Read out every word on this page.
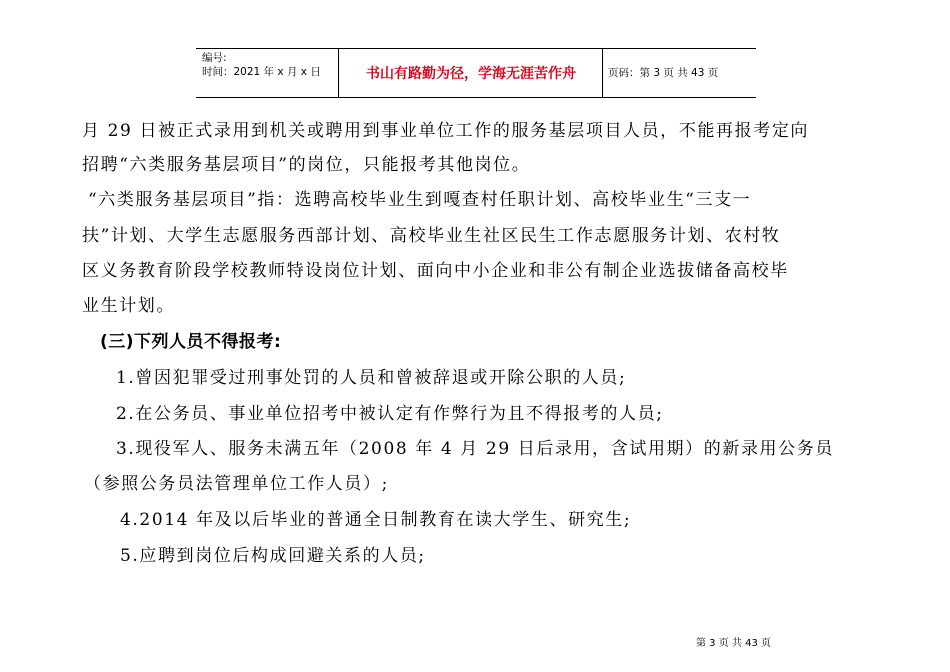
编号:
时间：2021 年 x 月 x 日	书山有路勤为径，学海无涯苦作舟	页码：第 3 页 共 43 页
月 29 日被正式录用到机关或聘用到事业单位工作的服务基层项目人员，不能再报考定向
招聘“六类服务基层项目”的岗位，只能报考其他岗位。
“六类服务基层项目”指：选聘高校毕业生到嘎查村任职计划、高校毕业生“三支一
扶”计划、大学生志愿服务西部计划、高校毕业生社区民生工作志愿服务计划、农村牧
区义务教育阶段学校教师特设岗位计划、面向中小企业和非公有制企业选拔储备高校毕
业生计划。
(三)下列人员不得报考:
1.曾因犯罪受过刑事处罚的人员和曾被辞退或开除公职的人员;
2.在公务员、事业单位招考中被认定有作弊行为且不得报考的人员;
3.现役军人、服务未满五年（2008 年 4 月 29 日后录用，含试用期）的新录用公务员
（参照公务员法管理单位工作人员）;
4.2014 年及以后毕业的普通全日制教育在读大学生、研究生;
5.应聘到岗位后构成回避关系的人员;
第 3 页 共 43 页
